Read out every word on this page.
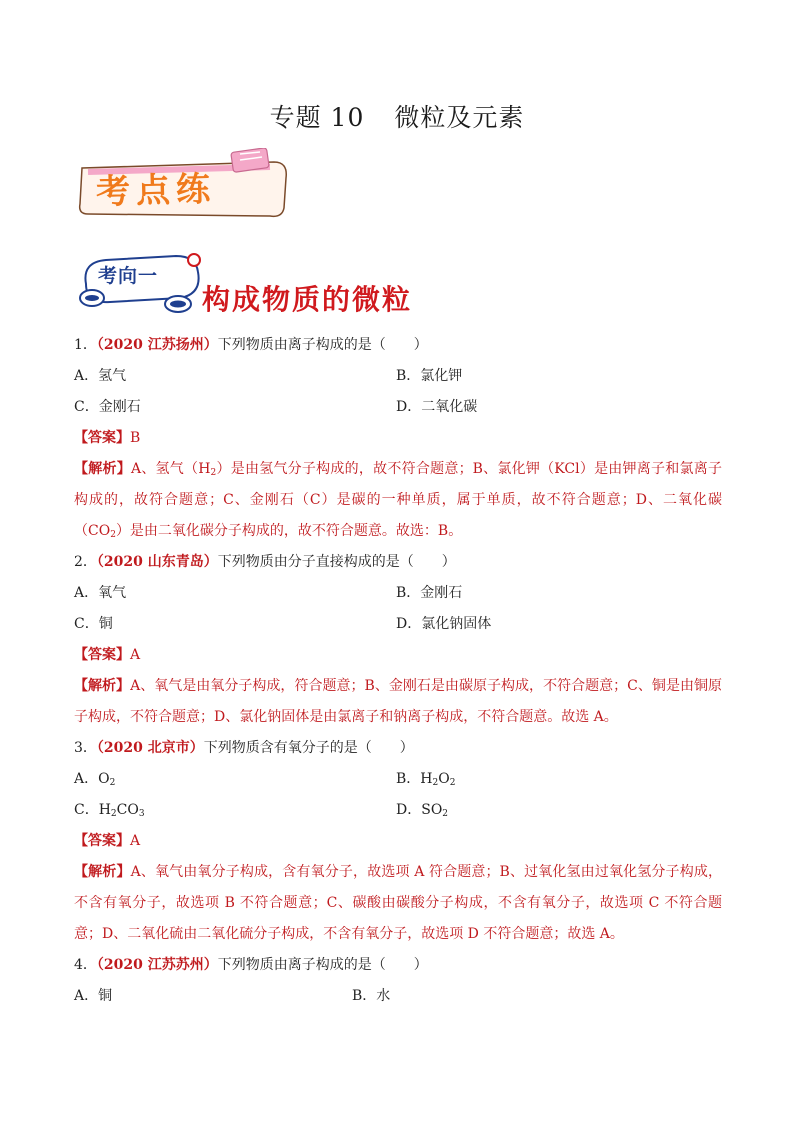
专题 10 微粒及元素
考点练
考向一
构成物质的微粒
1．（2020 江苏扬州）下列物质由离子构成的是（　　）
A．氢气	B．氯化钾
C．金刚石	D．二氧化碳
【答案】B
【解析】A、氢气$(H_2)$是由氢气分子构成的，故不符合题意；B、氯化钾（KCl）是由钾离子和氯离子构成的，故符合题意；C、金刚石（C）是碳的一种单质，属于单质，故不符合题意；D、二氧化碳$(CO_2)$是由二氧化碳分子构成的，故不符合题意。故选：B。
2．（2020 山东青岛）下列物质由分子直接构成的是（　　）
A．氧气	B．金刚石
C．铜	D．氯化钠固体
【答案】A
【解析】A、氧气是由氧分子构成，符合题意；B、金刚石是由碳原子构成，不符合题意；C、铜是由铜原子构成，不符合题意；D、氯化钠固体是由氯离子和钠离子构成，不符合题意。故选 A。
3．（2020 北京市）下列物质含有氧分子的是（　　）
A．$O_2$	B．$H_2O_2$
C．$H_2CO_3$	D．$SO_2$
【答案】A
【解析】A、氧气由氧分子构成，含有氧分子，故选项 A 符合题意；B、过氧化氢由过氧化氢分子构成，不含有氧分子，故选项 B 不符合题意；C、碳酸由碳酸分子构成，不含有氧分子，故选项 C 不符合题意；D、二氧化硫由二氧化硫分子构成，不含有氧分子，故选项 D 不符合题意；故选 A。
4．（2020 江苏苏州）下列物质由离子构成的是（　　）
A．铜	B．水
